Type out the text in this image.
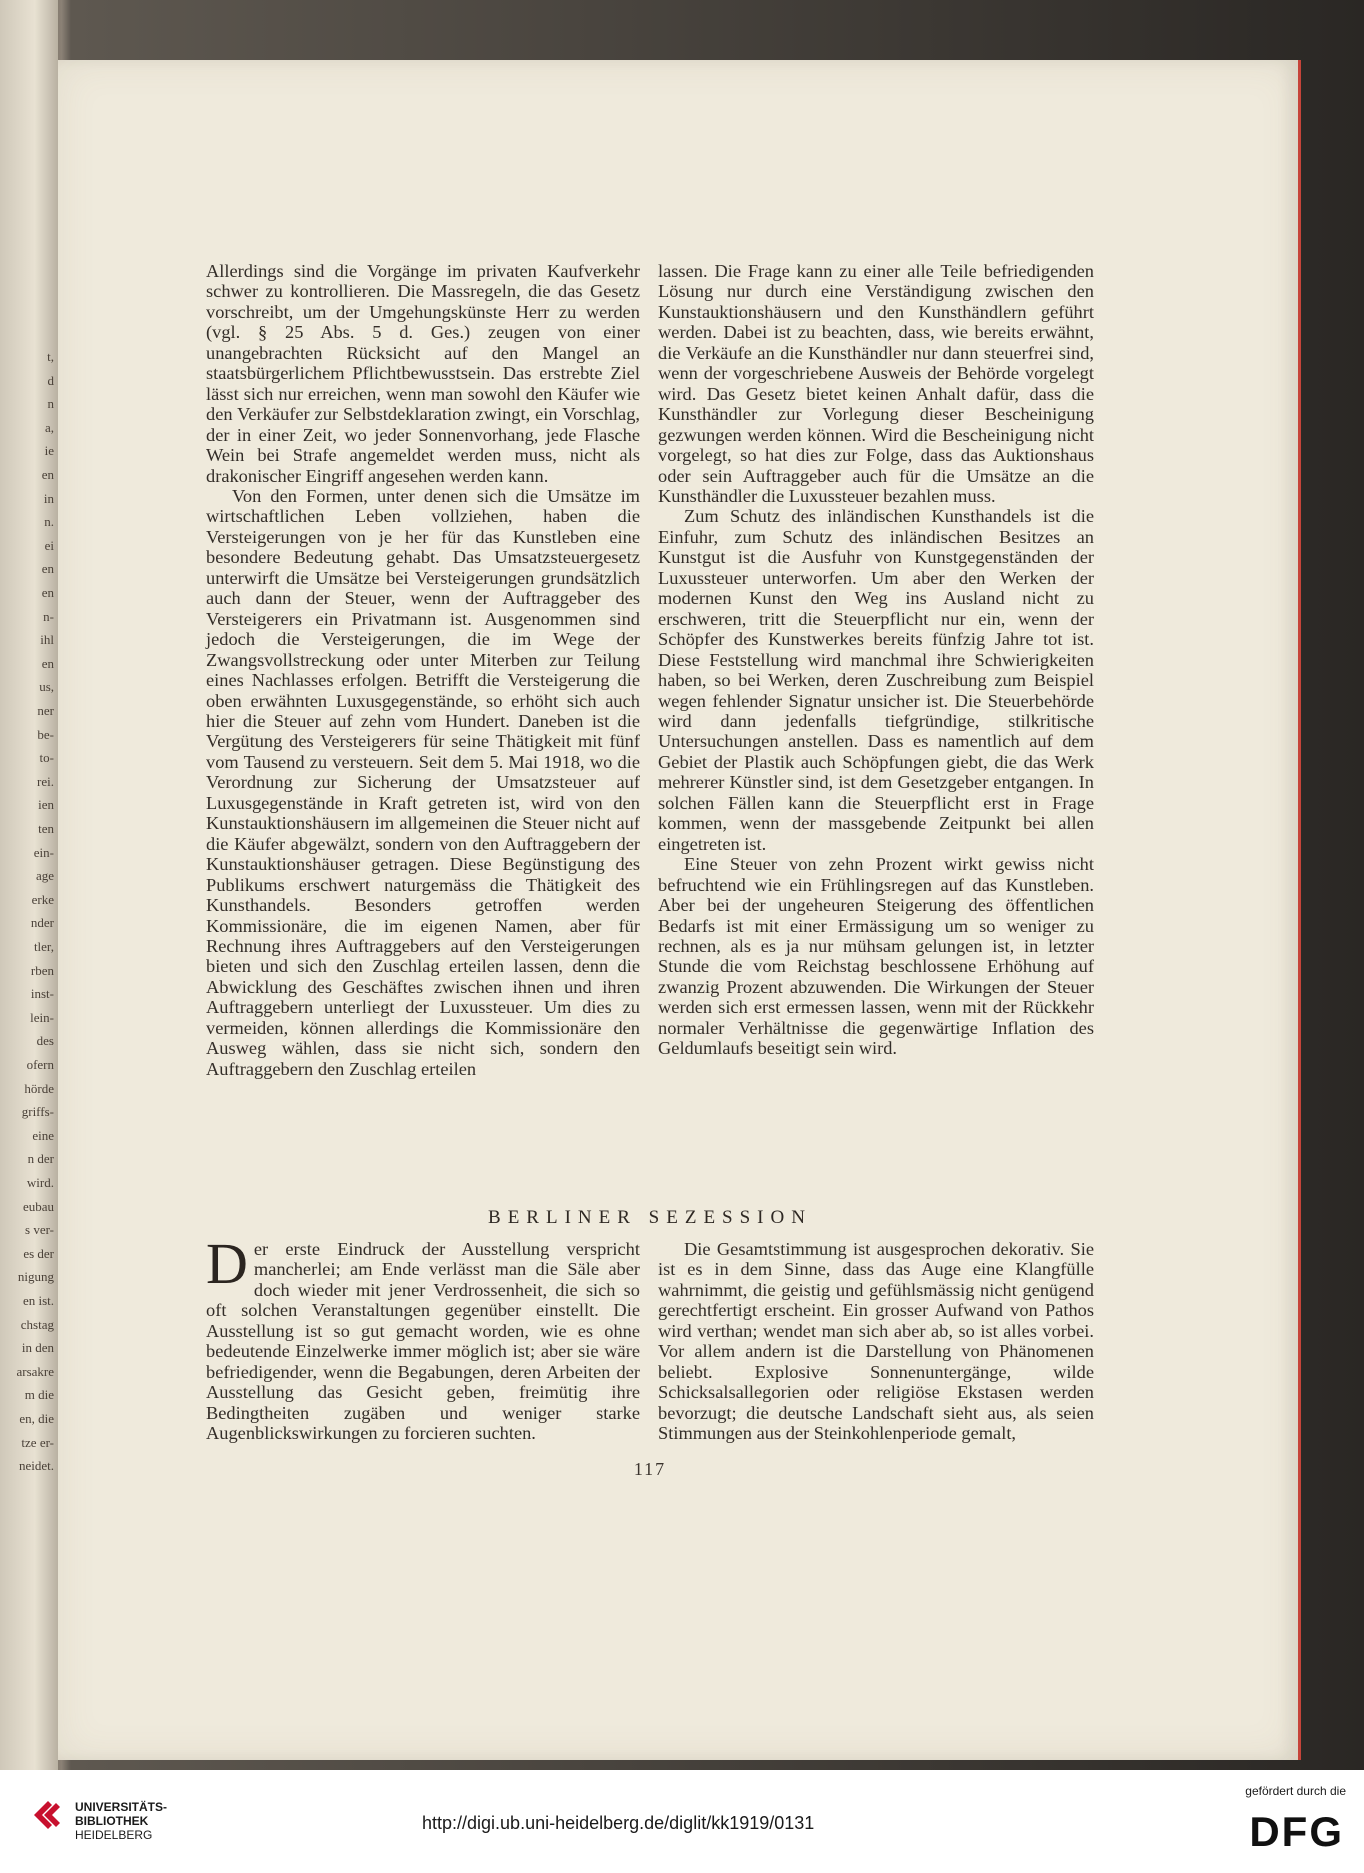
t,
d
n
a,
ie
en
in
n.
ei
en
en
n-
ihl
en
us,
ner
be-
to-
rei.
ien
ten
ein-
age
erke
nder
tler,
rben
inst-
lein-
des
ofern
hörde
griffs-
eine
n der
wird.
eubau
s ver-
es der
nigung
en ist.
chstag
in den
arsakre
m die
en, die
tze er-
neidet.

Allerdings sind die Vorgänge im privaten Kaufverkehr schwer zu kontrollieren. Die Massregeln, die das Gesetz vorschreibt, um der Umgehungskünste Herr zu werden (vgl. § 25 Abs. 5 d. Ges.) zeugen von einer unangebrachten Rücksicht auf den Mangel an staatsbürgerlichem Pflichtbewusstsein. Das erstrebte Ziel lässt sich nur erreichen, wenn man sowohl den Käufer wie den Verkäufer zur Selbstdeklaration zwingt, ein Vorschlag, der in einer Zeit, wo jeder Sonnenvorhang, jede Flasche Wein bei Strafe angemeldet werden muss, nicht als drakonischer Eingriff angesehen werden kann.

Von den Formen, unter denen sich die Umsätze im wirtschaftlichen Leben vollziehen, haben die Versteigerungen von je her für das Kunstleben eine besondere Bedeutung gehabt. Das Umsatzsteuergesetz unterwirft die Umsätze bei Versteigerungen grundsätzlich auch dann der Steuer, wenn der Auftraggeber des Versteigerers ein Privatmann ist. Ausgenommen sind jedoch die Versteigerungen, die im Wege der Zwangsvollstreckung oder unter Miterben zur Teilung eines Nachlasses erfolgen. Betrifft die Versteigerung die oben erwähnten Luxusgegenstände, so erhöht sich auch hier die Steuer auf zehn vom Hundert. Daneben ist die Vergütung des Versteigerers für seine Thätigkeit mit fünf vom Tausend zu versteuern. Seit dem 5. Mai 1918, wo die Verordnung zur Sicherung der Umsatzsteuer auf Luxusgegenstände in Kraft getreten ist, wird von den Kunstauktionshäusern im allgemeinen die Steuer nicht auf die Käufer abgewälzt, sondern von den Auftraggebern der Kunstauktionshäuser getragen. Diese Begünstigung des Publikums erschwert naturgemäss die Thätigkeit des Kunsthandels. Besonders getroffen werden Kommissionäre, die im eigenen Namen, aber für Rechnung ihres Auftraggebers auf den Versteigerungen bieten und sich den Zuschlag erteilen lassen, denn die Abwicklung des Geschäftes zwischen ihnen und ihren Auftraggebern unterliegt der Luxussteuer. Um dies zu vermeiden, können allerdings die Kommissionäre den Ausweg wählen, dass sie nicht sich, sondern den Auftraggebern den Zuschlag erteilen

lassen. Die Frage kann zu einer alle Teile befriedigenden Lösung nur durch eine Verständigung zwischen den Kunstauktionshäusern und den Kunsthändlern geführt werden. Dabei ist zu beachten, dass, wie bereits erwähnt, die Verkäufe an die Kunsthändler nur dann steuerfrei sind, wenn der vorgeschriebene Ausweis der Behörde vorgelegt wird. Das Gesetz bietet keinen Anhalt dafür, dass die Kunsthändler zur Vorlegung dieser Bescheinigung gezwungen werden können. Wird die Bescheinigung nicht vorgelegt, so hat dies zur Folge, dass das Auktionshaus oder sein Auftraggeber auch für die Umsätze an die Kunsthändler die Luxussteuer bezahlen muss.

Zum Schutz des inländischen Kunsthandels ist die Einfuhr, zum Schutz des inländischen Besitzes an Kunstgut ist die Ausfuhr von Kunstgegenständen der Luxussteuer unterworfen. Um aber den Werken der modernen Kunst den Weg ins Ausland nicht zu erschweren, tritt die Steuerpflicht nur ein, wenn der Schöpfer des Kunstwerkes bereits fünfzig Jahre tot ist. Diese Feststellung wird manchmal ihre Schwierigkeiten haben, so bei Werken, deren Zuschreibung zum Beispiel wegen fehlender Signatur unsicher ist. Die Steuerbehörde wird dann jedenfalls tiefgründige, stilkritische Untersuchungen anstellen. Dass es namentlich auf dem Gebiet der Plastik auch Schöpfungen giebt, die das Werk mehrerer Künstler sind, ist dem Gesetzgeber entgangen. In solchen Fällen kann die Steuerpflicht erst in Frage kommen, wenn der massgebende Zeitpunkt bei allen eingetreten ist.

Eine Steuer von zehn Prozent wirkt gewiss nicht befruchtend wie ein Frühlingsregen auf das Kunstleben. Aber bei der ungeheuren Steigerung des öffentlichen Bedarfs ist mit einer Ermässigung um so weniger zu rechnen, als es ja nur mühsam gelungen ist, in letzter Stunde die vom Reichstag beschlossene Erhöhung auf zwanzig Prozent abzuwenden. Die Wirkungen der Steuer werden sich erst ermessen lassen, wenn mit der Rückkehr normaler Verhältnisse die gegenwärtige Inflation des Geldumlaufs beseitigt sein wird.

BERLINER SEZESSION

Der erste Eindruck der Ausstellung verspricht mancherlei; am Ende verlässt man die Säle aber doch wieder mit jener Verdrossenheit, die sich so oft solchen Veranstaltungen gegenüber einstellt. Die Ausstellung ist so gut gemacht worden, wie es ohne bedeutende Einzelwerke immer möglich ist; aber sie wäre befriedigender, wenn die Begabungen, deren Arbeiten der Ausstellung das Gesicht geben, freimütig ihre Bedingtheiten zugäben und weniger starke Augenblickswirkungen zu forcieren suchten.

Die Gesamtstimmung ist ausgesprochen dekorativ. Sie ist es in dem Sinne, dass das Auge eine Klangfülle wahrnimmt, die geistig und gefühlsmässig nicht genügend gerechtfertigt erscheint. Ein grosser Aufwand von Pathos wird verthan; wendet man sich aber ab, so ist alles vorbei. Vor allem andern ist die Darstellung von Phänomenen beliebt. Explosive Sonnenuntergänge, wilde Schicksalsallegorien oder religiöse Ekstasen werden bevorzugt; die deutsche Landschaft sieht aus, als seien Stimmungen aus der Steinkohlenperiode gemalt,

117
UNIVERSITÄTS-
BIBLIOTHEK
HEIDELBERG
http://digi.ub.uni-heidelberg.de/diglit/kk1919/0131
gefördert durch die
DFG
